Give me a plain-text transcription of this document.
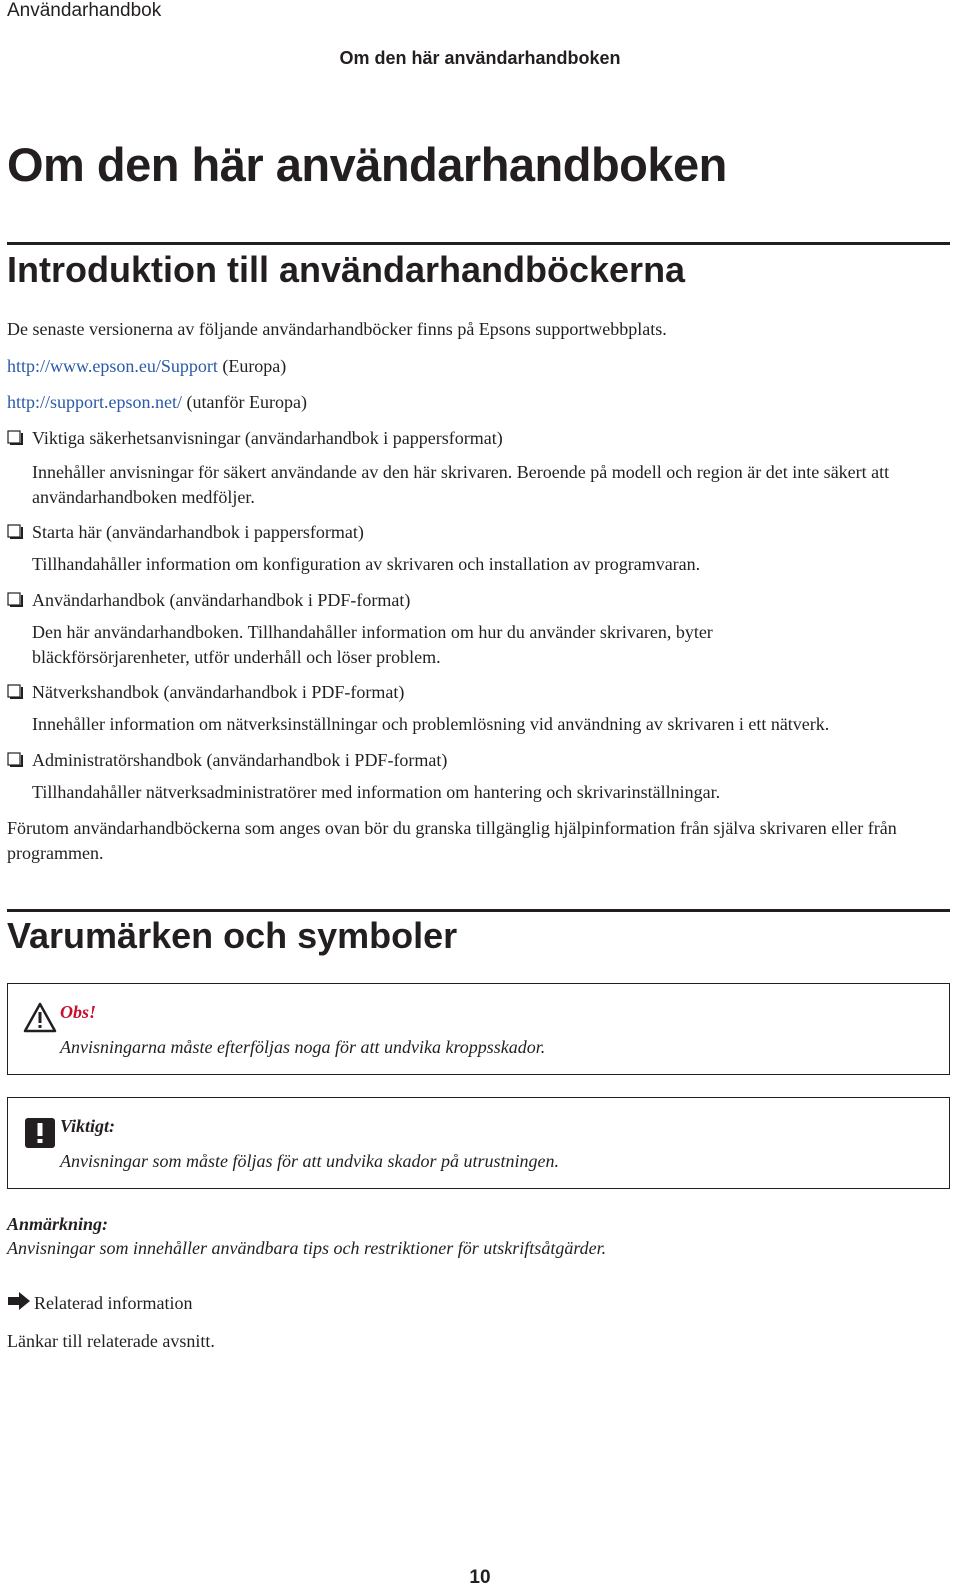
Användarhandbok
Om den här användarhandboken
Om den här användarhandboken
Introduktion till användarhandböckerna
De senaste versionerna av följande användarhandböcker finns på Epsons supportwebbplats.
http://www.epson.eu/Support (Europa)
http://support.epson.net/ (utanför Europa)
Viktiga säkerhetsanvisningar (användarhandbok i pappersformat)
Innehåller anvisningar för säkert användande av den här skrivaren. Beroende på modell och region är det inte säkert att användarhandboken medföljer.
Starta här (användarhandbok i pappersformat)
Tillhandahåller information om konfiguration av skrivaren och installation av programvaran.
Användarhandbok (användarhandbok i PDF-format)
Den här användarhandboken. Tillhandahåller information om hur du använder skrivaren, byter bläckförsörjarenheter, utför underhåll och löser problem.
Nätverkshandbok (användarhandbok i PDF-format)
Innehåller information om nätverksinställningar och problemlösning vid användning av skrivaren i ett nätverk.
Administratörshandbok (användarhandbok i PDF-format)
Tillhandahåller nätverksadministratörer med information om hantering och skrivarinställningar.
Förutom användarhandböckerna som anges ovan bör du granska tillgänglig hjälpinformation från själva skrivaren eller från programmen.
Varumärken och symboler
Obs!
Anvisningarna måste efterföljas noga för att undvika kroppsskador.
Viktigt:
Anvisningar som måste följas för att undvika skador på utrustningen.
Anmärkning:
Anvisningar som innehåller användbara tips och restriktioner för utskriftsåtgärder.
Relaterad information
Länkar till relaterade avsnitt.
10
